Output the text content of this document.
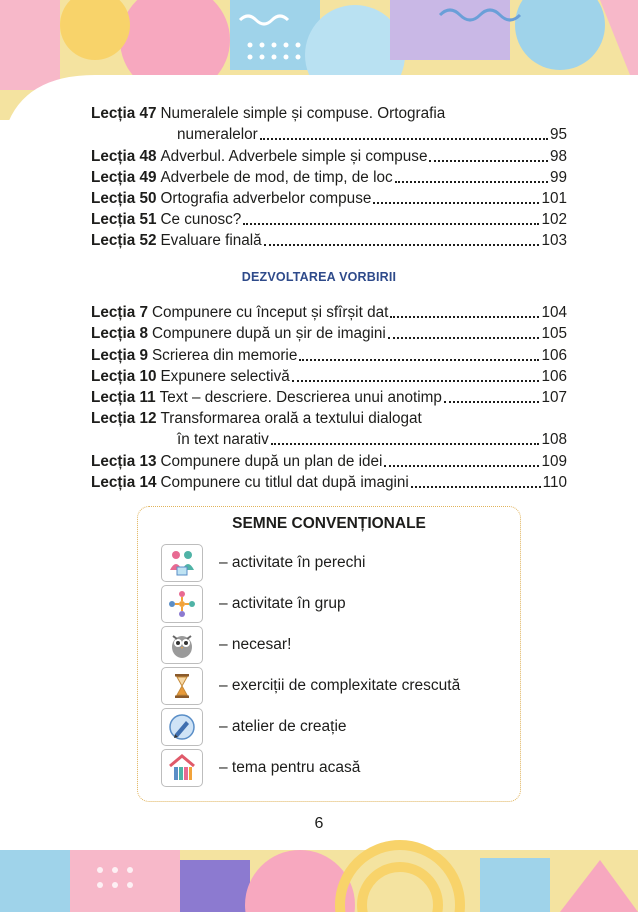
Lecția 47 Numeralele simple și compuse. Ortografia
numeralelor	95
Lecția 48 Adverbul. Adverbele simple și compuse	98
Lecția 49 Adverbele de mod, de timp, de loc	99
Lecția 50 Ortografia adverbelor compuse	101
Lecția 51 Ce cunosc?	102
Lecția 52 Evaluare finală	103
DEZVOLTAREA VORBIRII
Lecția 7 Compunere cu început și sfîrșit dat	104
Lecția 8 Compunere după un șir de imagini	105
Lecția 9 Scrierea din memorie	106
Lecția 10 Expunere selectivă	106
Lecția 11 Text – descriere. Descrierea unui anotimp	107
Lecția 12 Transformarea orală a textului dialogat
în text narativ	108
Lecția 13 Compunere după un plan de idei	109
Lecția 14 Compunere cu titlul dat după imagini	110
SEMNE CONVENȚIONALE
– activitate în perechi
– activitate în grup
– necesar!
– exerciții de complexitate crescută
– atelier de creație
– tema pentru acasă
6
